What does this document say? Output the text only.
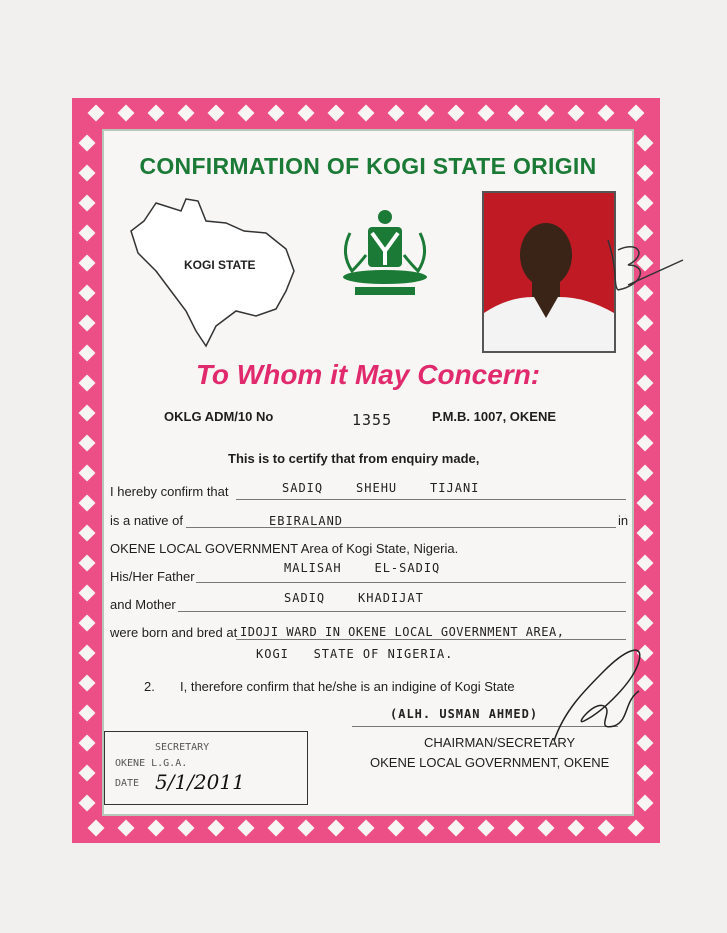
CONFIRMATION OF KOGI STATE ORIGIN
KOGI STATE
To Whom it May Concern:
OKLG ADM/10 No	1355	P.M.B. 1007, OKENE
This is to certify that from enquiry made,
I hereby confirm that	SADIQ    SHEHU    TIJANI
is a native of	EBIRALAND	in
OKENE LOCAL GOVERNMENT Area of Kogi State, Nigeria.
His/Her Father
MALISAH    EL-SADIQ
and Mother	SADIQ    KHADIJAT
were born and bred at IDOJI WARD IN OKENE LOCAL GOVERNMENT AREA,
KOGI   STATE OF NIGERIA.
2. I, therefore confirm that he/she is an indigine of Kogi State
(ALH. USMAN AHMED)
CHAIRMAN/SECRETARY
OKENE LOCAL GOVERNMENT, OKENE
SECRETARY
OKENE L.G.A.
DATE 5/1/2011
